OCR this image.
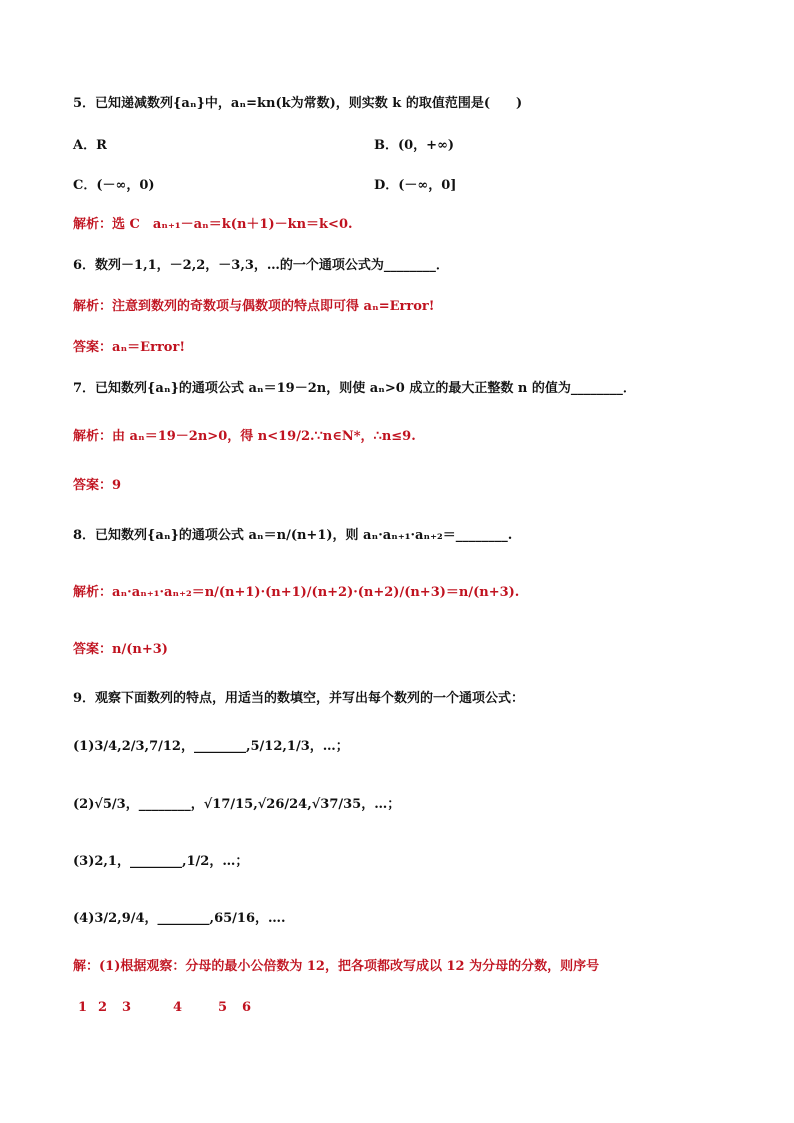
5．已知递减数列{aₙ}中，aₙ=kn(k为常数)，则实数 k 的取值范围是(　　)
A．R	B．(0，+∞)
C．(－∞，0)	D．(－∞，0]
解析：选 C　aₙ₊₁－aₙ＝k(n＋1)－kn＝k<0.
6．数列－1,1，－2,2，－3,3，…的一个通项公式为________．
解析：注意到数列的奇数项与偶数项的特点即可得 aₙ=Error!
答案：aₙ＝Error!
7．已知数列{aₙ}的通项公式 aₙ＝19－2n，则使 aₙ>0 成立的最大正整数 n 的值为________．
解析：由 aₙ＝19－2n>0，得 n<19/2.∵n∈N*，∴n≤9.
答案：9
8．已知数列{aₙ}的通项公式 aₙ＝n/(n+1)，则 aₙ·aₙ₊₁·aₙ₊₂＝________.
解析：aₙ·aₙ₊₁·aₙ₊₂＝n/(n+1)·(n+1)/(n+2)·(n+2)/(n+3)＝n/(n+3).
答案：n/(n+3)
9．观察下面数列的特点，用适当的数填空，并写出每个数列的一个通项公式：
(1)3/4,2/3,7/12，________,5/12,1/3，…；
(2)√5/3，________，√17/15,√26/24,√37/35，…；
(3)2,1，________,1/2，…；
(4)3/2,9/4，________,65/16，….
解：(1)根据观察：分母的最小公倍数为 12，把各项都改写成以 12 为分母的分数，则序号
1 2 3	4	5 6
